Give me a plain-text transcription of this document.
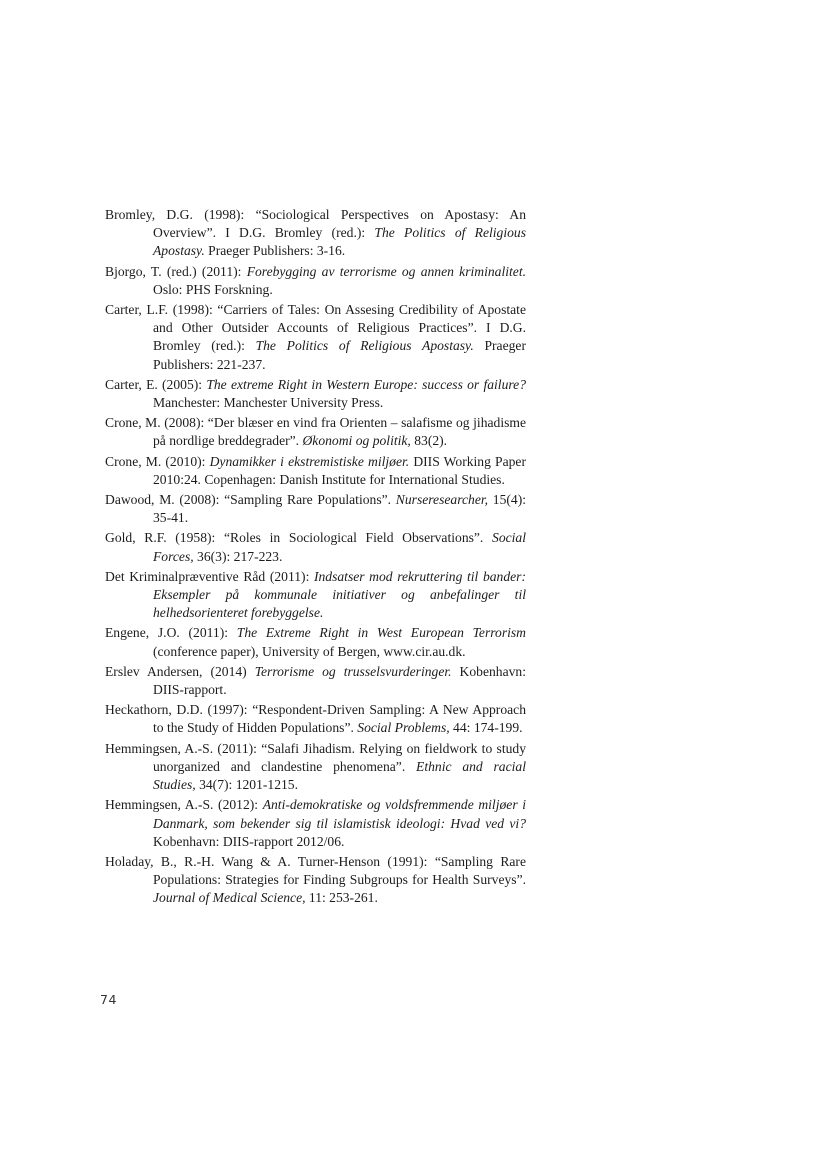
Bromley, D.G. (1998): “Sociological Perspectives on Apostasy: An Overview”. I D.G. Bromley (red.): The Politics of Religious Apostasy. Praeger Publishers: 3-16.

Bjorgo, T. (red.) (2011): Forebygging av terrorisme og annen kriminalitet. Oslo: PHS Forskning.

Carter, L.F. (1998): “Carriers of Tales: On Assesing Credibility of Apostate and Other Outsider Accounts of Religious Practices”. I D.G. Bromley (red.): The Politics of Religious Apostasy. Praeger Publishers: 221-237.

Carter, E. (2005): The extreme Right in Western Europe: success or failure? Manchester: Manchester University Press.

Crone, M. (2008): “Der blæser en vind fra Orienten – salafisme og jihadisme på nordlige breddegrader”. Økonomi og politik, 83(2).

Crone, M. (2010): Dynamikker i ekstremistiske miljøer. DIIS Working Paper 2010:24. Copenhagen: Danish Institute for International Studies.

Dawood, M. (2008): “Sampling Rare Populations”. Nurseresearcher, 15(4): 35-41.

Gold, R.F. (1958): “Roles in Sociological Field Observations”. Social Forces, 36(3): 217-223.

Det Kriminalpræventive Råd (2011): Indsatser mod rekruttering til bander: Eksempler på kommunale initiativer og anbefalinger til helhedsorienteret forebyggelse.

Engene, J.O. (2011): The Extreme Right in West European Terrorism (conference paper), University of Bergen, www.cir.au.dk.

Erslev Andersen, (2014) Terrorisme og trusselsvurderinger. Kobenhavn: DIIS-rapport.

Heckathorn, D.D. (1997): “Respondent-Driven Sampling: A New Approach to the Study of Hidden Populations”. Social Problems, 44: 174-199.

Hemmingsen, A.-S. (2011): “Salafi Jihadism. Relying on fieldwork to study unorganized and clandestine phenomena”. Ethnic and racial Studies, 34(7): 1201-1215.

Hemmingsen, A.-S. (2012): Anti-demokratiske og voldsfremmende miljøer i Danmark, som bekender sig til islamistisk ideologi: Hvad ved vi? Kobenhavn: DIIS-rapport 2012/06.

Holaday, B., R.-H. Wang & A. Turner-Henson (1991): “Sampling Rare Populations: Strategies for Finding Subgroups for Health Surveys”. Journal of Medical Science, 11: 253-261.

74
